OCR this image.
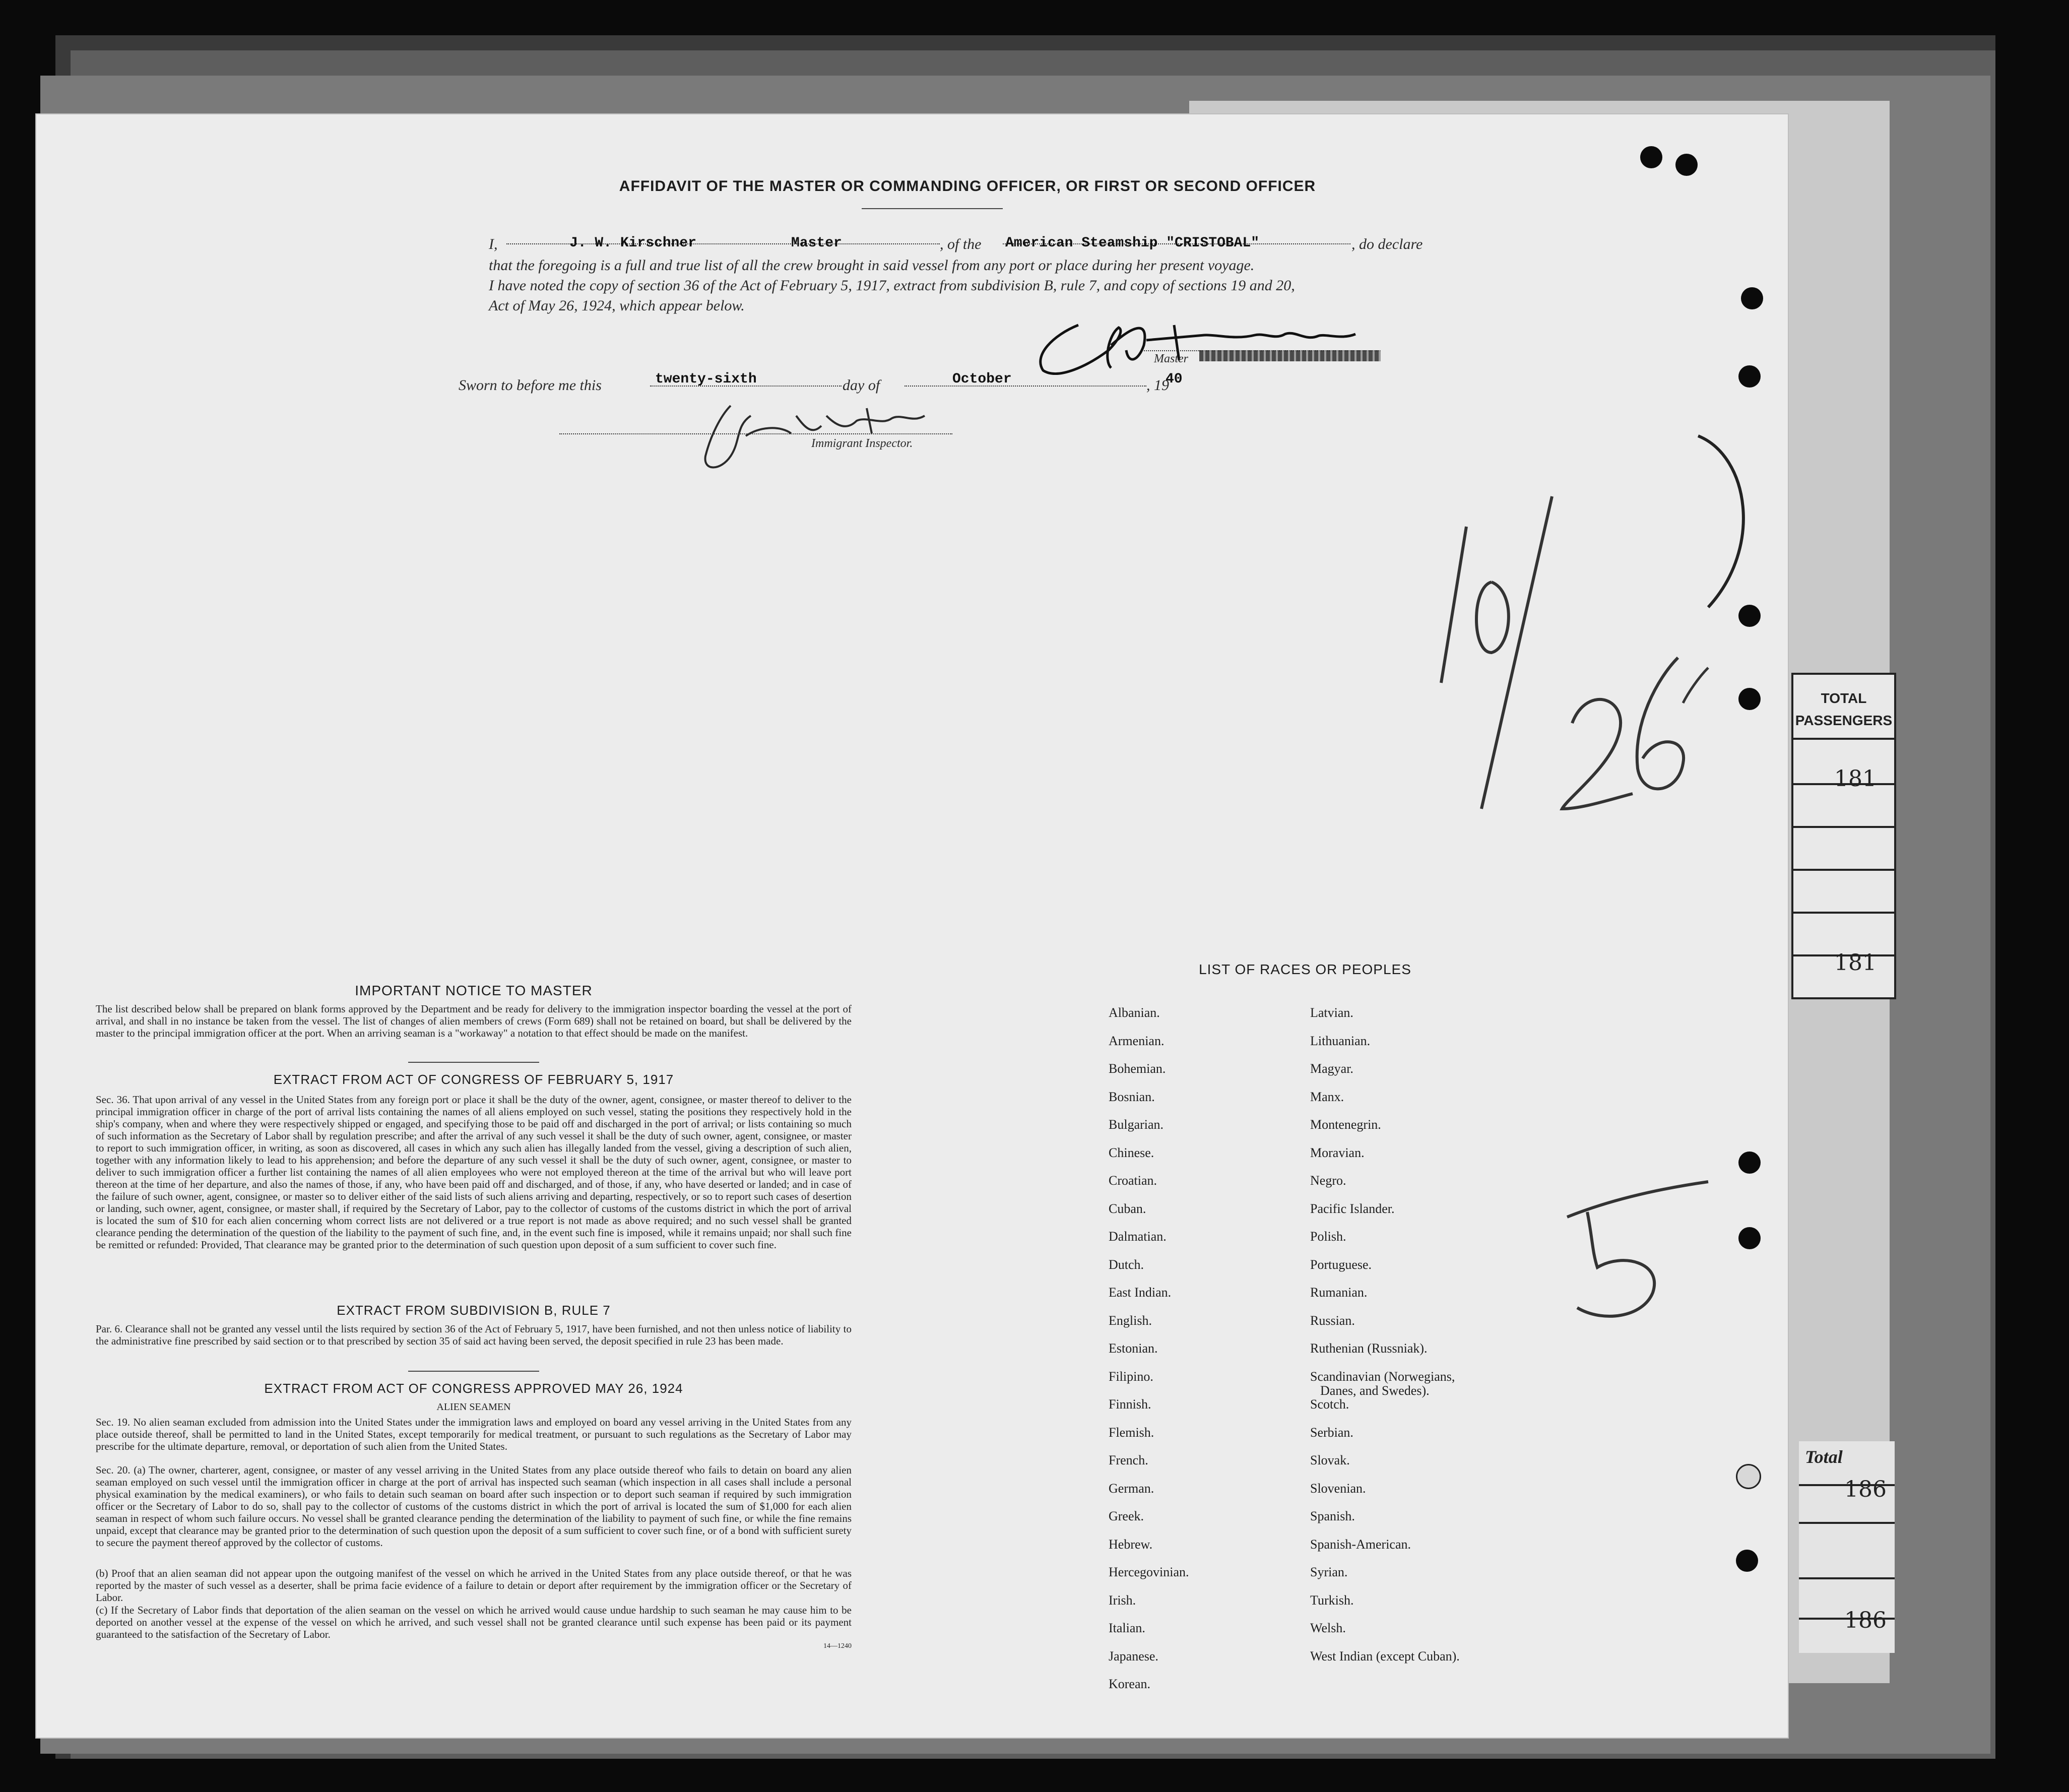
TOTAL PASSENGERS
181
181
Total
186
186
AFFIDAVIT OF THE MASTER OR COMMANDING OFFICER, OR FIRST OR SECOND OFFICER
I,	J. W. Kirschner	Master	, of the American Steamship "CRISTOBAL"	, do declare
that the foregoing is a full and true list of all the crew brought in said vessel from any port or place during her present voyage.
I have noted the copy of section 36 of the Act of February 5, 1917, extract from subdivision B, rule 7, and copy of sections 19 and 20,
Act of May 26, 1924, which appear below.
Master
Sworn to before me this	twenty-sixth	day of	October	, 19
40
Immigrant Inspector.
IMPORTANT NOTICE TO MASTER
The list described below shall be prepared on blank forms approved by the Department and be ready for delivery to the immigration inspector boarding the vessel at the port of arrival, and shall in no instance be taken from the vessel. The list of changes of alien members of crews (Form 689) shall not be retained on board, but shall be delivered by the master to the principal immigration officer at the port. When an arriving seaman is a "workaway" a notation to that effect should be made on the manifest.
EXTRACT FROM ACT OF CONGRESS OF FEBRUARY 5, 1917
Sec. 36. That upon arrival of any vessel in the United States from any foreign port or place it shall be the duty of the owner, agent, consignee, or master thereof to deliver to the principal immigration officer in charge of the port of arrival lists containing the names of all aliens employed on such vessel, stating the positions they respectively hold in the ship's company, when and where they were respectively shipped or engaged, and specifying those to be paid off and discharged in the port of arrival; or lists containing so much of such information as the Secretary of Labor shall by regulation prescribe; and after the arrival of any such vessel it shall be the duty of such owner, agent, consignee, or master to report to such immigration officer, in writing, as soon as discovered, all cases in which any such alien has illegally landed from the vessel, giving a description of such alien, together with any information likely to lead to his apprehension; and before the departure of any such vessel it shall be the duty of such owner, agent, consignee, or master to deliver to such immigration officer a further list containing the names of all alien employees who were not employed thereon at the time of the arrival but who will leave port thereon at the time of her departure, and also the names of those, if any, who have been paid off and discharged, and of those, if any, who have deserted or landed; and in case of the failure of such owner, agent, consignee, or master so to deliver either of the said lists of such aliens arriving and departing, respectively, or so to report such cases of desertion or landing, such owner, agent, consignee, or master shall, if required by the Secretary of Labor, pay to the collector of customs of the customs district in which the port of arrival is located the sum of $10 for each alien concerning whom correct lists are not delivered or a true report is not made as above required; and no such vessel shall be granted clearance pending the determination of the question of the liability to the payment of such fine, and, in the event such fine is imposed, while it remains unpaid; nor shall such fine be remitted or refunded: Provided, That clearance may be granted prior to the determination of such question upon deposit of a sum sufficient to cover such fine.
EXTRACT FROM SUBDIVISION B, RULE 7
Par. 6. Clearance shall not be granted any vessel until the lists required by section 36 of the Act of February 5, 1917, have been furnished, and not then unless notice of liability to the administrative fine prescribed by said section or to that prescribed by section 35 of said act having been served, the deposit specified in rule 23 has been made.
EXTRACT FROM ACT OF CONGRESS APPROVED MAY 26, 1924
ALIEN SEAMEN
Sec. 19. No alien seaman excluded from admission into the United States under the immigration laws and employed on board any vessel arriving in the United States from any place outside thereof, shall be permitted to land in the United States, except temporarily for medical treatment, or pursuant to such regulations as the Secretary of Labor may prescribe for the ultimate departure, removal, or deportation of such alien from the United States.
Sec. 20. (a) The owner, charterer, agent, consignee, or master of any vessel arriving in the United States from any place outside thereof who fails to detain on board any alien seaman employed on such vessel until the immigration officer in charge at the port of arrival has inspected such seaman (which inspection in all cases shall include a personal physical examination by the medical examiners), or who fails to detain such seaman on board after such inspection or to deport such seaman if required by such immigration officer or the Secretary of Labor to do so, shall pay to the collector of customs of the customs district in which the port of arrival is located the sum of $1,000 for each alien seaman in respect of whom such failure occurs. No vessel shall be granted clearance pending the determination of the liability to payment of such fine, or while the fine remains unpaid, except that clearance may be granted prior to the determination of such question upon the deposit of a sum sufficient to cover such fine, or of a bond with sufficient surety to secure the payment thereof approved by the collector of customs.
(b) Proof that an alien seaman did not appear upon the outgoing manifest of the vessel on which he arrived in the United States from any place outside thereof, or that he was reported by the master of such vessel as a deserter, shall be prima facie evidence of a failure to detain or deport after requirement by the immigration officer or the Secretary of Labor.
(c) If the Secretary of Labor finds that deportation of the alien seaman on the vessel on which he arrived would cause undue hardship to such seaman he may cause him to be deported on another vessel at the expense of the vessel on which he arrived, and such vessel shall not be granted clearance until such expense has been paid or its payment guaranteed to the satisfaction of the Secretary of Labor.
14—1240
LIST OF RACES OR PEOPLES
Albanian.
Armenian.
Bohemian.
Bosnian.
Bulgarian.
Chinese.
Croatian.
Cuban.
Dalmatian.
Dutch.
East Indian.
English.
Estonian.
Filipino.
Finnish.
Flemish.
French.
German.
Greek.
Hebrew.
Hercegovinian.
Irish.
Italian.
Japanese.
Korean.
Latvian.
Lithuanian.
Magyar.
Manx.
Montenegrin.
Moravian.
Negro.
Pacific Islander.
Polish.
Portuguese.
Rumanian.
Russian.
Ruthenian (Russniak).
Scandinavian (Norwegians,
Danes, and Swedes).
Scotch.
Serbian.
Slovak.
Slovenian.
Spanish.
Spanish-American.
Syrian.
Turkish.
Welsh.
West Indian (except Cuban).
